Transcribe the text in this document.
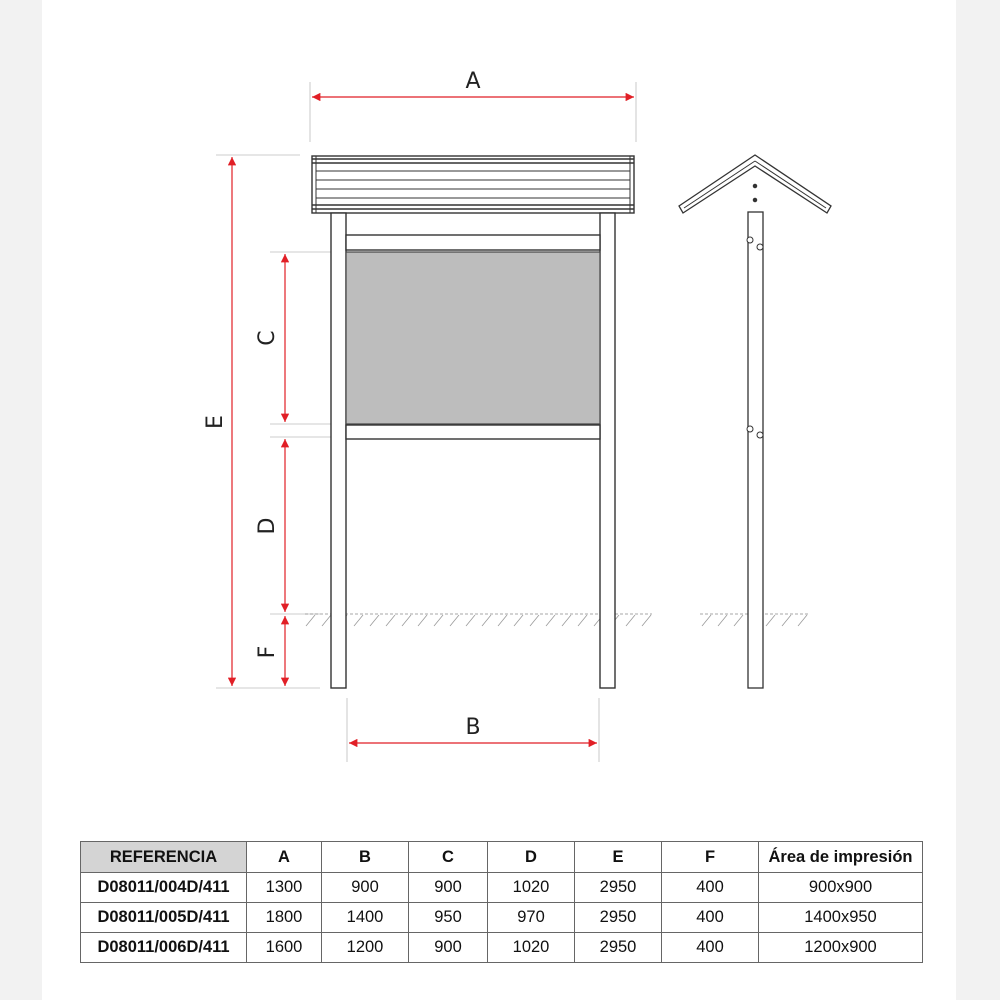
A
B
C
D
E
F
REFERENCIA	A	B	C	D	E	F	Área de impresión
D08011/004D/411	1300	900	900	1020	2950	400	900x900
D08011/005D/411	1800	1400	950	970	2950	400	1400x950
D08011/006D/411	1600	1200	900	1020	2950	400	1200x900
